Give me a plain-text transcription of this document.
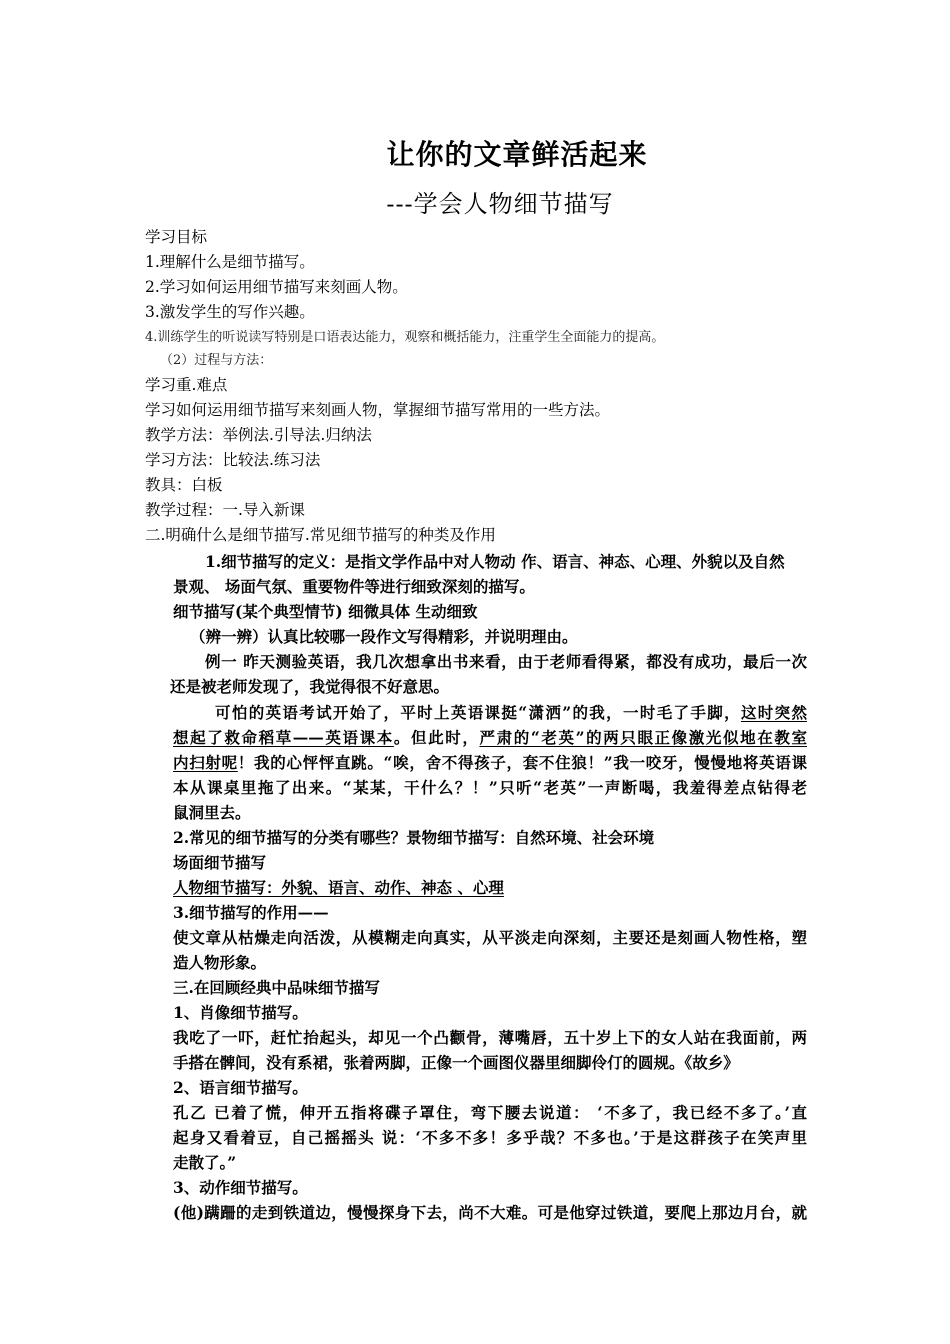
让你的文章鲜活起来
---学会人物细节描写
学习目标
1.理解什么是细节描写。
2.学习如何运用细节描写来刻画人物。
3.激发学生的写作兴趣。
4.训练学生的听说读写特别是口语表达能力，观察和概括能力，注重学生全面能力的提高。
（2）过程与方法：
学习重.难点
学习如何运用细节描写来刻画人物，掌握细节描写常用的一些方法。
教学方法：举例法.引导法.归纳法
学习方法：比较法.练习法
教具：白板
教学过程：一.导入新课
二.明确什么是细节描写.常见细节描写的种类及作用
1.细节描写的定义：是指文学作品中对人物动 作、语言、神态、心理、外貌以及自然
景观、 场面气氛、重要物件等进行细致深刻的描写。
细节描写(某个典型情节) 细微具体 生动细致
（辨一辨）认真比较哪一段作文写得精彩，并说明理由。
例一 昨天测验英语，我几次想拿出书来看，由于老师看得紧，都没有成功，最后一次
还是被老师发现了，我觉得很不好意思。
可怕的英语考试开始了，平时上英语课挺“潇洒”的我，一时毛了手脚，这时突然
想起了救命稻草——英语课本。但此时，严肃的“老英”的两只眼正像激光似地在教室
内扫射呢！我的心怦怦直跳。“唉，舍不得孩子，套不住狼！”我一咬牙，慢慢地将英语课
本从课桌里拖了出来。“某某，干什么？！”只听“老英”一声断喝，我羞得差点钻得老
鼠洞里去。
2.常见的细节描写的分类有哪些？景物细节描写：自然环境、社会环境
场面细节描写
人物细节描写：外貌、语言、动作、神态 、心理
3.细节描写的作用——
使文章从枯燥走向活泼，从模糊走向真实，从平淡走向深刻，主要还是刻画人物性格，塑
造人物形象。
三.在回顾经典中品味细节描写
1、肖像细节描写。
我吃了一吓，赶忙抬起头，却见一个凸颧骨，薄嘴唇，五十岁上下的女人站在我面前，两
手搭在髀间，没有系裙，张着两脚，正像一个画图仪器里细脚伶仃的圆规。《故乡》
2、语言细节描写。
孔乙 已着了慌，伸开五指将碟子罩住，弯下腰去说道： ‘不多了，我已经不多了。’直
起身又看着豆，自己摇摇头 说：‘不多不多！多乎哉？不多也。’于是这群孩子在笑声里
走散了。”
3、动作细节描写。
(他)蹒跚的走到铁道边，慢慢探身下去，尚不大难。可是他穿过铁道，要爬上那边月台，就
